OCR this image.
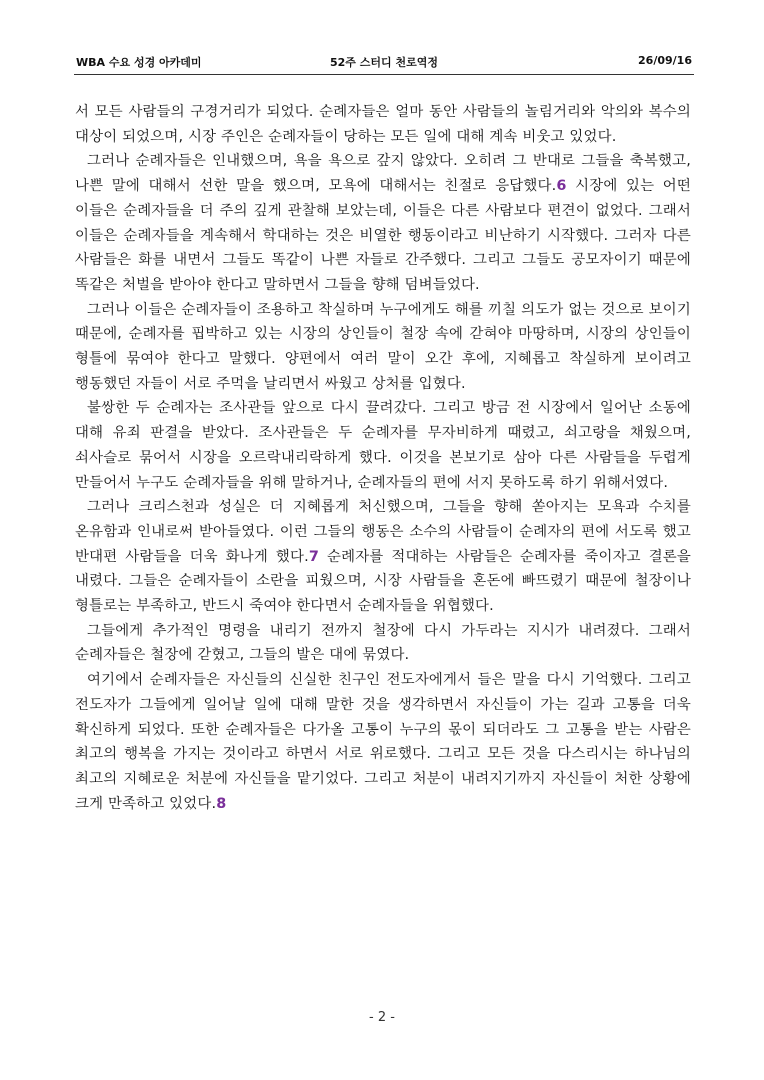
WBA 수요 성경 아카데미	52주 스터디 천로역정	26/09/16

서 모든 사람들의 구경거리가 되었다. 순례자들은 얼마 동안 사람들의 놀림거리와 악의와 복수의 대상이 되었으며, 시장 주인은 순례자들이 당하는 모든 일에 대해 계속 비웃고 있었다.

그러나 순례자들은 인내했으며, 욕을 욕으로 갚지 않았다. 오히려 그 반대로 그들을 축복했고, 나쁜 말에 대해서 선한 말을 했으며, 모욕에 대해서는 친절로 응답했다.6 시장에 있는 어떤 이들은 순례자들을 더 주의 깊게 관찰해 보았는데, 이들은 다른 사람보다 편견이 없었다. 그래서 이들은 순례자들을 계속해서 학대하는 것은 비열한 행동이라고 비난하기 시작했다. 그러자 다른 사람들은 화를 내면서 그들도 똑같이 나쁜 자들로 간주했다. 그리고 그들도 공모자이기 때문에 똑같은 처벌을 받아야 한다고 말하면서 그들을 향해 덤벼들었다.

그러나 이들은 순례자들이 조용하고 착실하며 누구에게도 해를 끼칠 의도가 없는 것으로 보이기 때문에, 순례자를 핍박하고 있는 시장의 상인들이 철장 속에 갇혀야 마땅하며, 시장의 상인들이 형틀에 묶여야 한다고 말했다. 양편에서 여러 말이 오간 후에, 지혜롭고 착실하게 보이려고 행동했던 자들이 서로 주먹을 날리면서 싸웠고 상처를 입혔다.

불쌍한 두 순례자는 조사관들 앞으로 다시 끌려갔다. 그리고 방금 전 시장에서 일어난 소동에 대해 유죄 판결을 받았다. 조사관들은 두 순례자를 무자비하게 때렸고, 쇠고랑을 채웠으며, 쇠사슬로 묶어서 시장을 오르락내리락하게 했다. 이것을 본보기로 삼아 다른 사람들을 두렵게 만들어서 누구도 순례자들을 위해 말하거나, 순례자들의 편에 서지 못하도록 하기 위해서였다.

그러나 크리스천과 성실은 더 지혜롭게 처신했으며, 그들을 향해 쏟아지는 모욕과 수치를 온유함과 인내로써 받아들였다. 이런 그들의 행동은 소수의 사람들이 순례자의 편에 서도록 했고 반대편 사람들을 더욱 화나게 했다.7 순례자를 적대하는 사람들은 순례자를 죽이자고 결론을 내렸다. 그들은 순례자들이 소란을 피웠으며, 시장 사람들을 혼돈에 빠뜨렸기 때문에 철장이나 형틀로는 부족하고, 반드시 죽여야 한다면서 순례자들을 위협했다.

그들에게 추가적인 명령을 내리기 전까지 철장에 다시 가두라는 지시가 내려졌다. 그래서 순례자들은 철장에 갇혔고, 그들의 발은 대에 묶였다.

여기에서 순례자들은 자신들의 신실한 친구인 전도자에게서 들은 말을 다시 기억했다. 그리고 전도자가 그들에게 일어날 일에 대해 말한 것을 생각하면서 자신들이 가는 길과 고통을 더욱 확신하게 되었다. 또한 순례자들은 다가올 고통이 누구의 몫이 되더라도 그 고통을 받는 사람은 최고의 행복을 가지는 것이라고 하면서 서로 위로했다. 그리고 모든 것을 다스리시는 하나님의 최고의 지혜로운 처분에 자신들을 맡기었다. 그리고 처분이 내려지기까지 자신들이 처한 상황에 크게 만족하고 있었다.8

- 2 -
